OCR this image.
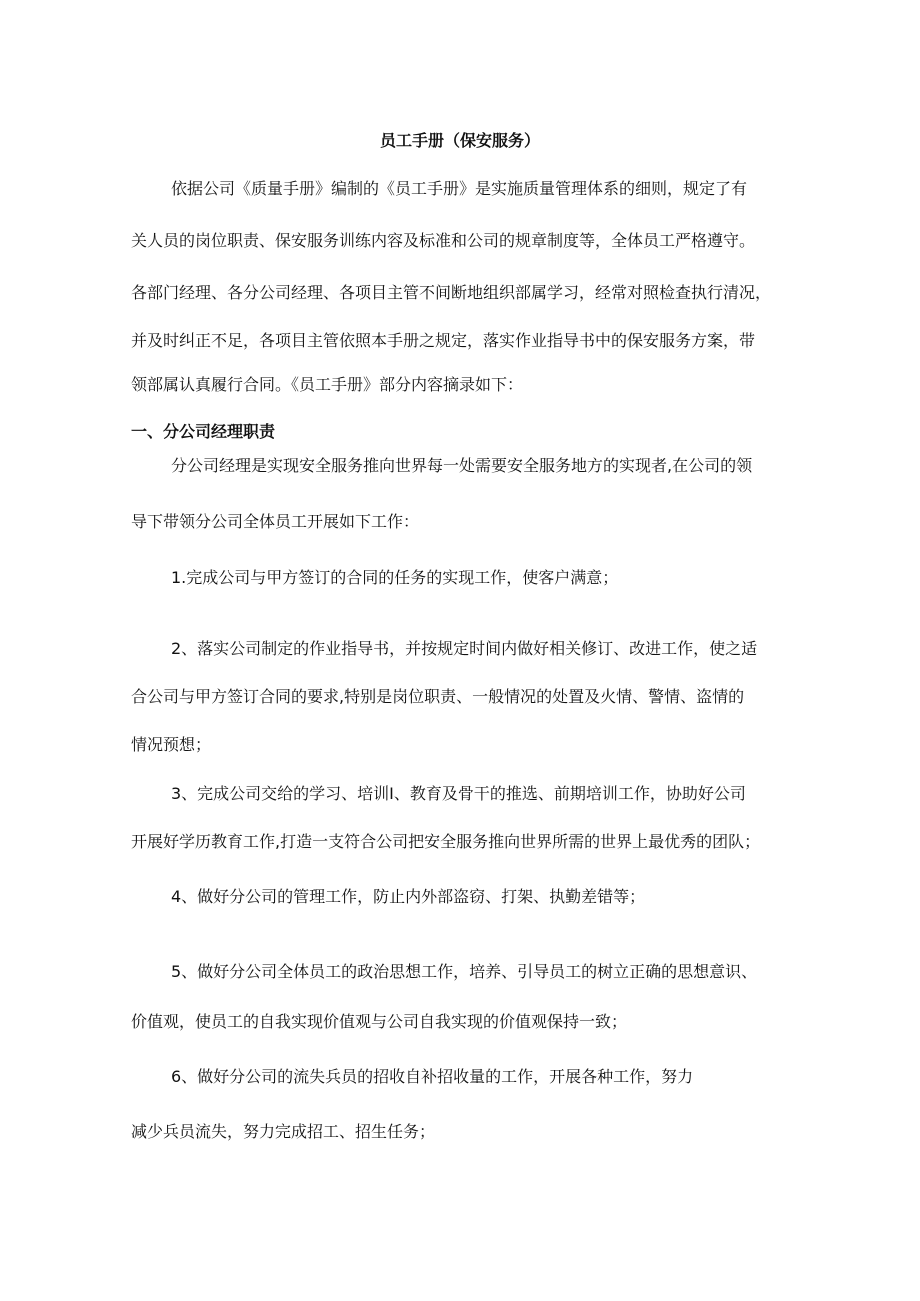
员工手册（保安服务）
依据公司《质量手册》编制的《员工手册》是实施质量管理体系的细则，规定了有
关人员的岗位职责、保安服务训练内容及标准和公司的规章制度等，全体员工严格遵守。
各部门经理、各分公司经理、各项目主管不间断地组织部属学习，经常对照检查执行清况，
并及时纠正不足，各项目主管依照本手册之规定，落实作业指导书中的保安服务方案，带
领部属认真履行合同。《员工手册》部分内容摘录如下：
一、分公司经理职责
分公司经理是实现安全服务推向世界每一处需要安全服务地方的实现者,在公司的领
导下带领分公司全体员工开展如下工作：
1.完成公司与甲方签订的合同的任务的实现工作，使客户满意；
2、落实公司制定的作业指导书，并按规定时间内做好相关修订、改进工作，使之适
合公司与甲方签订合同的要求,特别是岗位职责、一般情况的处置及火情、警情、盗情的
情况预想；
3、完成公司交给的学习、培训I、教育及骨干的推选、前期培训工作，协助好公司
开展好学历教育工作,打造一支符合公司把安全服务推向世界所需的世界上最优秀的团队；
4、做好分公司的管理工作，防止内外部盗窃、打架、执勤差错等；
5、做好分公司全体员工的政治思想工作，培养、引导员工的树立正确的思想意识、
价值观，使员工的自我实现价值观与公司自我实现的价值观保持一致；
6、做好分公司的流失兵员的招收自补招收量的工作，开展各种工作，努力
减少兵员流失，努力完成招工、招生任务；
